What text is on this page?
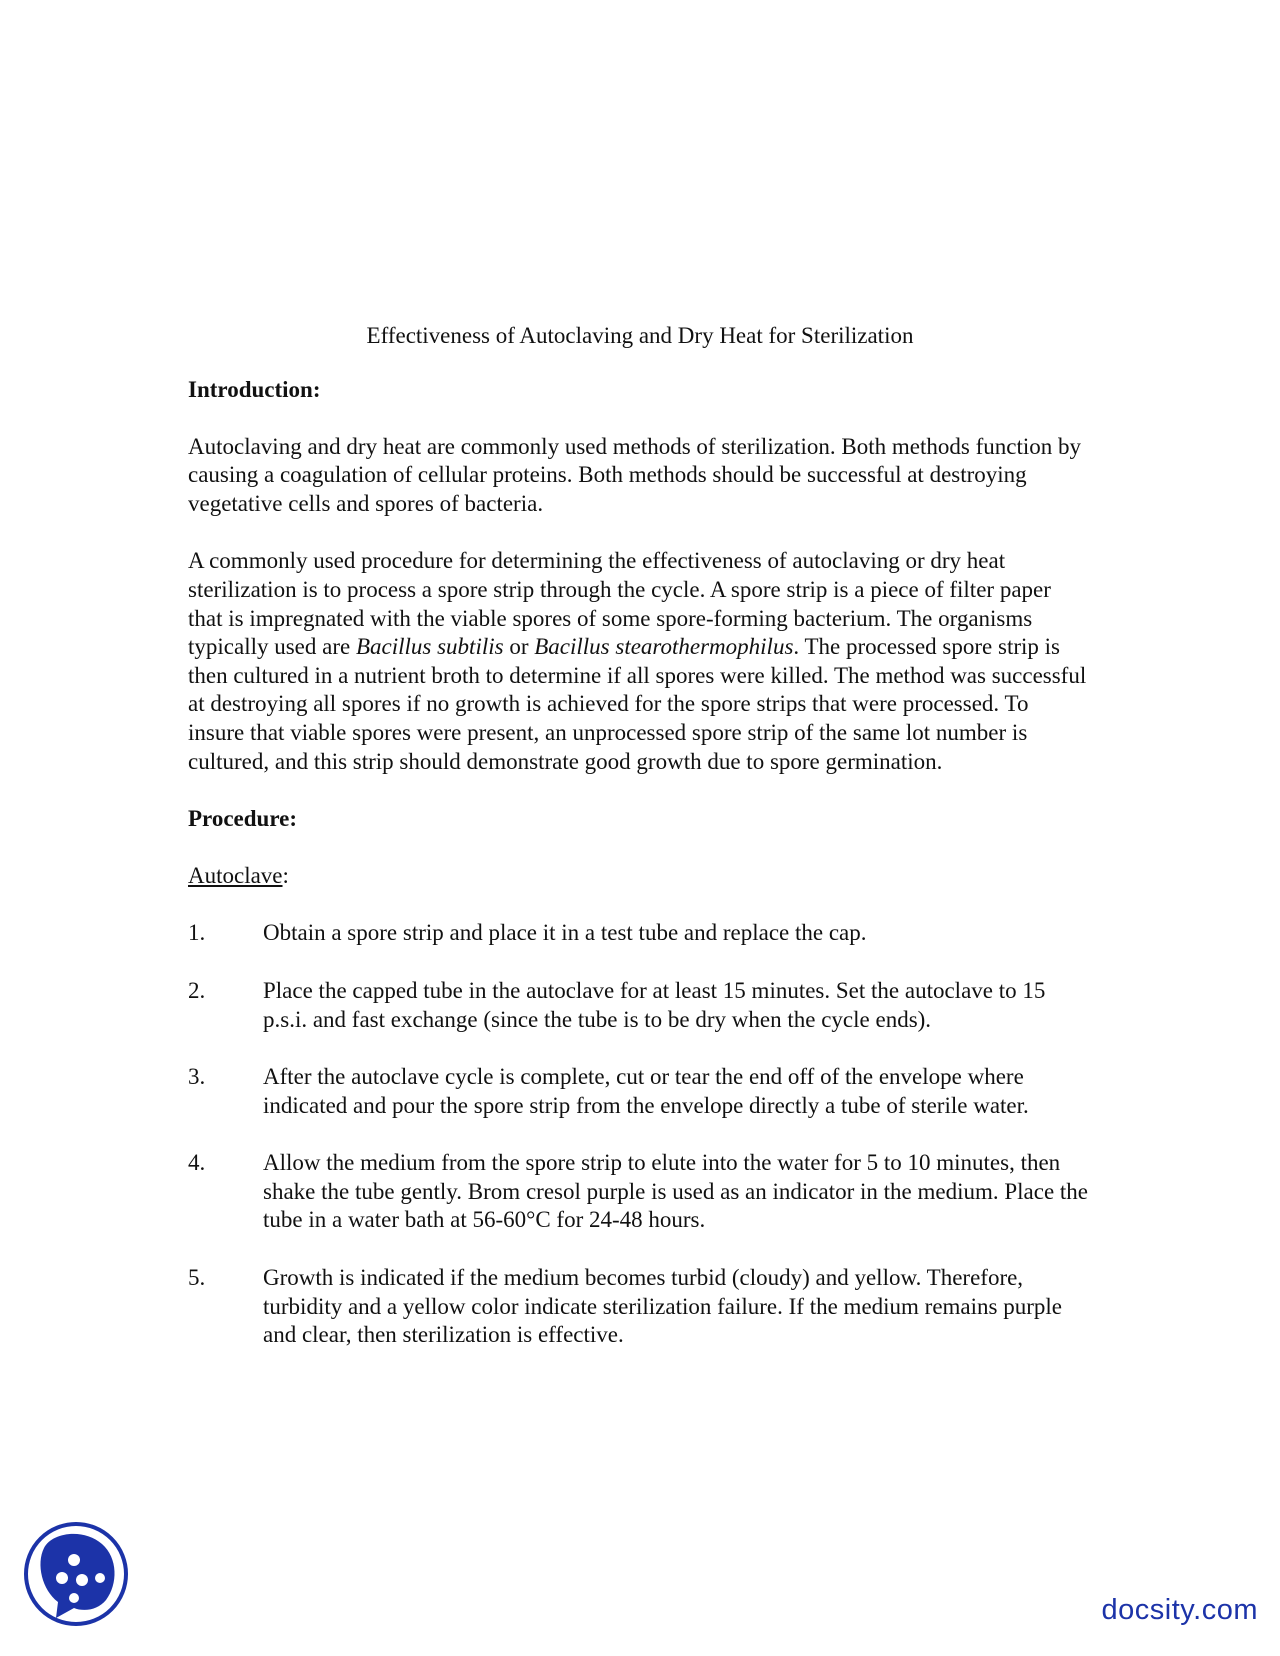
Effectiveness of Autoclaving and Dry Heat for Sterilization
Introduction:

Autoclaving and dry heat are commonly used methods of sterilization. Both methods function by causing a coagulation of cellular proteins. Both methods should be successful at destroying vegetative cells and spores of bacteria.

A commonly used procedure for determining the effectiveness of autoclaving or dry heat sterilization is to process a spore strip through the cycle. A spore strip is a piece of filter paper that is impregnated with the viable spores of some spore-forming bacterium. The organisms typically used are Bacillus subtilis or Bacillus stearothermophilus. The processed spore strip is then cultured in a nutrient broth to determine if all spores were killed. The method was successful at destroying all spores if no growth is achieved for the spore strips that were processed. To insure that viable spores were present, an unprocessed spore strip of the same lot number is cultured, and this strip should demonstrate good growth due to spore germination.

Procedure:
Autoclave:
1.	Obtain a spore strip and place it in a test tube and replace the cap.
2.	Place the capped tube in the autoclave for at least 15 minutes. Set the autoclave to 15 p.s.i. and fast exchange (since the tube is to be dry when the cycle ends).
3.	After the autoclave cycle is complete, cut or tear the end off of the envelope where indicated and pour the spore strip from the envelope directly a tube of sterile water.
4.	Allow the medium from the spore strip to elute into the water for 5 to 10 minutes, then shake the tube gently. Brom cresol purple is used as an indicator in the medium. Place the tube in a water bath at 56-60°C for 24-48 hours.
5.	Growth is indicated if the medium becomes turbid (cloudy) and yellow. Therefore, turbidity and a yellow color indicate sterilization failure. If the medium remains purple and clear, then sterilization is effective.
docsity.com
